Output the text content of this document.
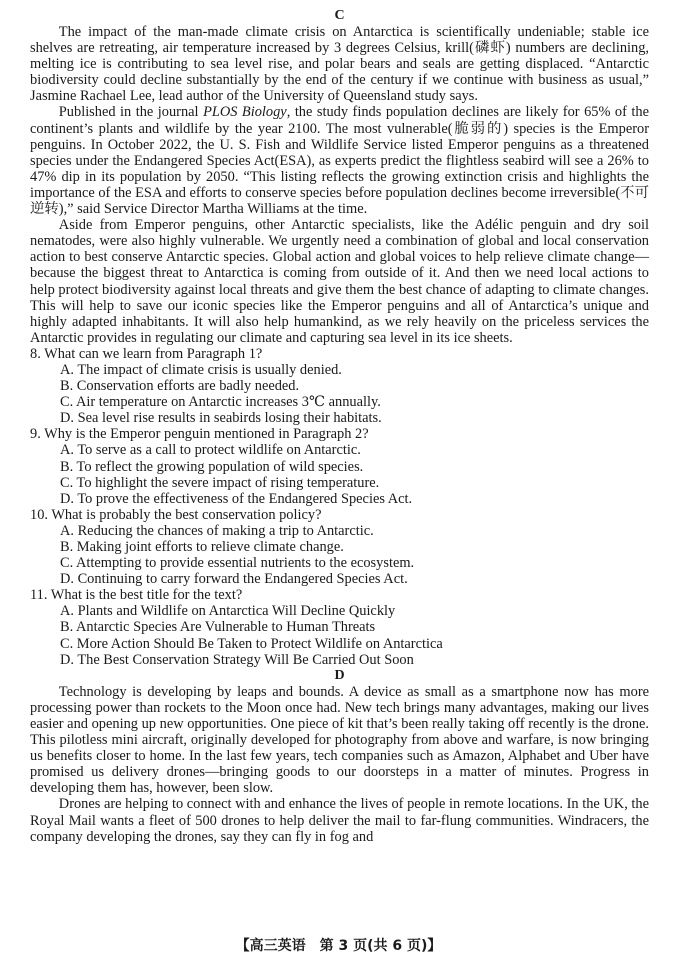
C

The impact of the man-made climate crisis on Antarctica is scientifically undeniable; stable ice shelves are retreating, air temperature increased by 3 degrees Celsius, krill(磷虾) numbers are declining, melting ice is contributing to sea level rise, and polar bears and seals are getting displaced. “Antarctic biodiversity could decline substantially by the end of the century if we continue with business as usual,” Jasmine Rachael Lee, lead author of the University of Queensland study says.

Published in the journal PLOS Biology, the study finds population declines are likely for 65% of the continent’s plants and wildlife by the year 2100. The most vulnerable(脆弱的) species is the Emperor penguins. In October 2022, the U. S. Fish and Wildlife Service listed Emperor penguins as a threatened species under the Endangered Species Act(ESA), as experts predict the flightless seabird will see a 26% to 47% dip in its population by 2050. “This listing reflects the growing extinction crisis and highlights the importance of the ESA and efforts to conserve species before population declines become irreversible(不可逆转),” said Service Director Martha Williams at the time.

Aside from Emperor penguins, other Antarctic specialists, like the Adélic penguin and dry soil nematodes, were also highly vulnerable. We urgently need a combination of global and local conservation action to best conserve Antarctic species. Global action and global voices to help relieve climate change—because the biggest threat to Antarctica is coming from outside of it. And then we need local actions to help protect biodiversity against local threats and give them the best chance of adapting to climate changes. This will help to save our iconic species like the Emperor penguins and all of Antarctica’s unique and highly adapted inhabitants. It will also help humankind, as we rely heavily on the priceless services the Antarctic provides in regulating our climate and capturing sea level in its ice sheets.

8. What can we learn from Paragraph 1?
A. The impact of climate crisis is usually denied.
B. Conservation efforts are badly needed.
C. Air temperature on Antarctic increases 3℃ annually.
D. Sea level rise results in seabirds losing their habitats.
9. Why is the Emperor penguin mentioned in Paragraph 2?
A. To serve as a call to protect wildlife on Antarctic.
B. To reflect the growing population of wild species.
C. To highlight the severe impact of rising temperature.
D. To prove the effectiveness of the Endangered Species Act.
10. What is probably the best conservation policy?
A. Reducing the chances of making a trip to Antarctic.
B. Making joint efforts to relieve climate change.
C. Attempting to provide essential nutrients to the ecosystem.
D. Continuing to carry forward the Endangered Species Act.
11. What is the best title for the text?
A. Plants and Wildlife on Antarctica Will Decline Quickly
B. Antarctic Species Are Vulnerable to Human Threats
C. More Action Should Be Taken to Protect Wildlife on Antarctica
D. The Best Conservation Strategy Will Be Carried Out Soon
D

Technology is developing by leaps and bounds. A device as small as a smartphone now has more processing power than rockets to the Moon once had. New tech brings many advantages, making our lives easier and opening up new opportunities. One piece of kit that’s been really taking off recently is the drone. This pilotless mini aircraft, originally developed for photography from above and warfare, is now bringing us benefits closer to home. In the last few years, tech companies such as Amazon, Alphabet and Uber have promised us delivery drones—bringing goods to our doorsteps in a matter of minutes. Progress in developing them has, however, been slow.

Drones are helping to connect with and enhance the lives of people in remote locations. In the UK, the Royal Mail wants a fleet of 500 drones to help deliver the mail to far-flung communities. Windracers, the company developing the drones, say they can fly in fog and

【高三英语　第 3 页(共 6 页)】
